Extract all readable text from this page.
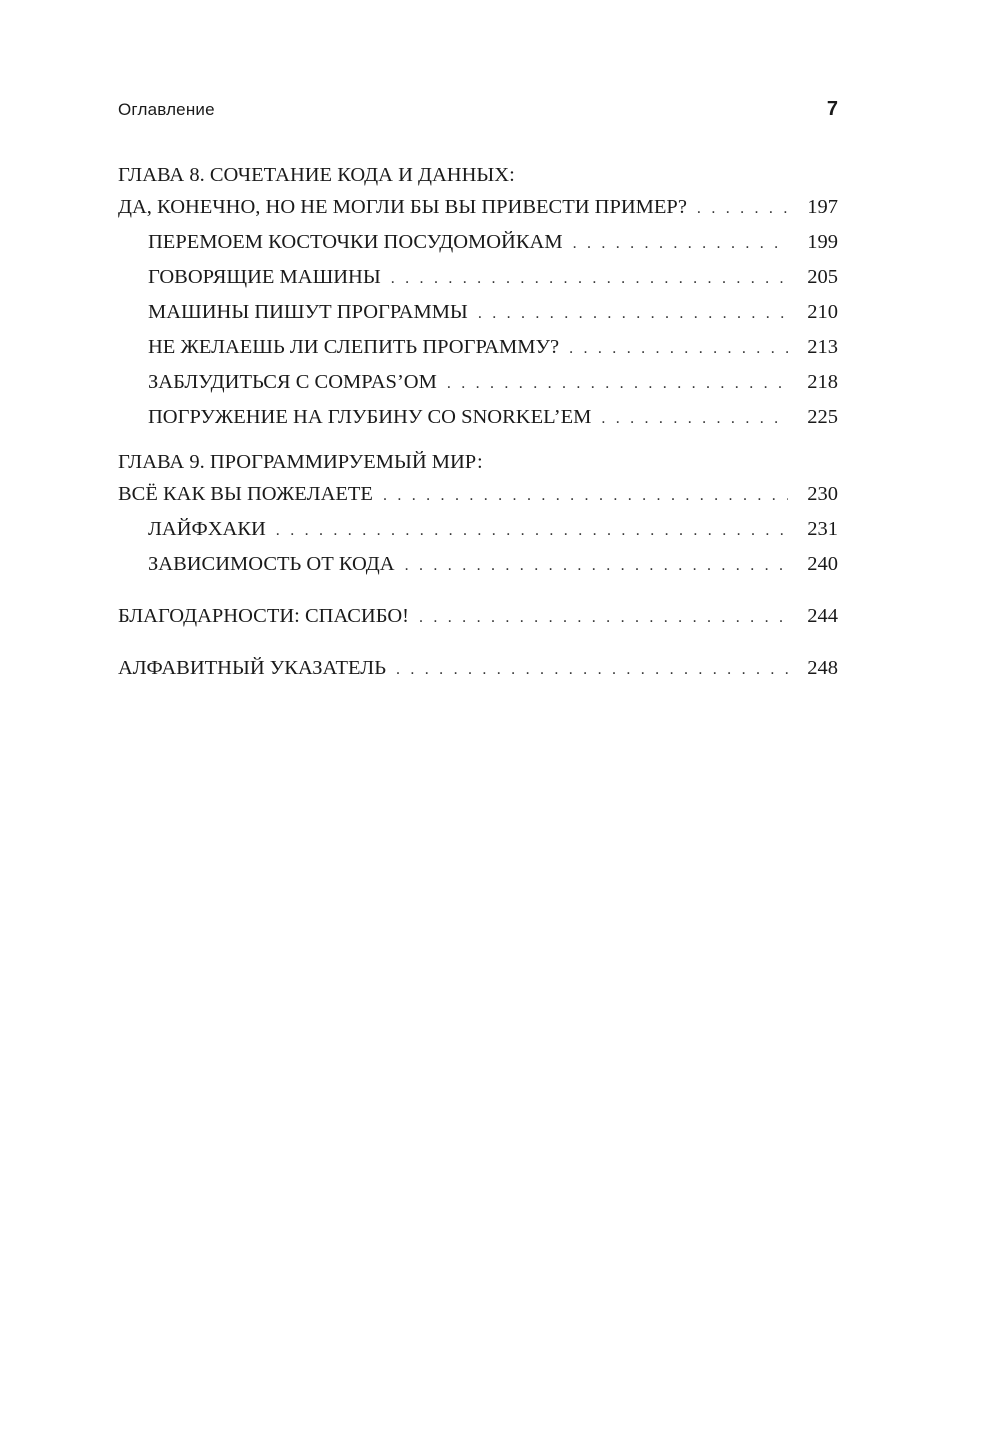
Оглавление	7
ГЛАВА 8. СОЧЕТАНИЕ КОДА И ДАННЫХ:
ДА, КОНЕЧНО, НО НЕ МОГЛИ БЫ ВЫ ПРИВЕСТИ ПРИМЕР? . . .	197
ПЕРЕМОЕМ КОСТОЧКИ ПОСУДОМОЙКАМ . . .	199
ГОВОРЯЩИЕ МАШИНЫ . . .	205
МАШИНЫ ПИШУТ ПРОГРАММЫ . . .	210
НЕ ЖЕЛАЕШЬ ЛИ СЛЕПИТЬ ПРОГРАММУ? . . .	213
ЗАБЛУДИТЬСЯ С COMPAS’OM . . .	218
ПОГРУЖЕНИЕ НА ГЛУБИНУ СО SNORKEL’EM . . .	225
ГЛАВА 9. ПРОГРАММИРУЕМЫЙ МИР:
ВСЁ КАК ВЫ ПОЖЕЛАЕТЕ . . .	230
ЛАЙФХАКИ . . .	231
ЗАВИСИМОСТЬ ОТ КОДА . . .	240
БЛАГОДАРНОСТИ: СПАСИБО! . . .	244
АЛФАВИТНЫЙ УКАЗАТЕЛЬ . . .	248
